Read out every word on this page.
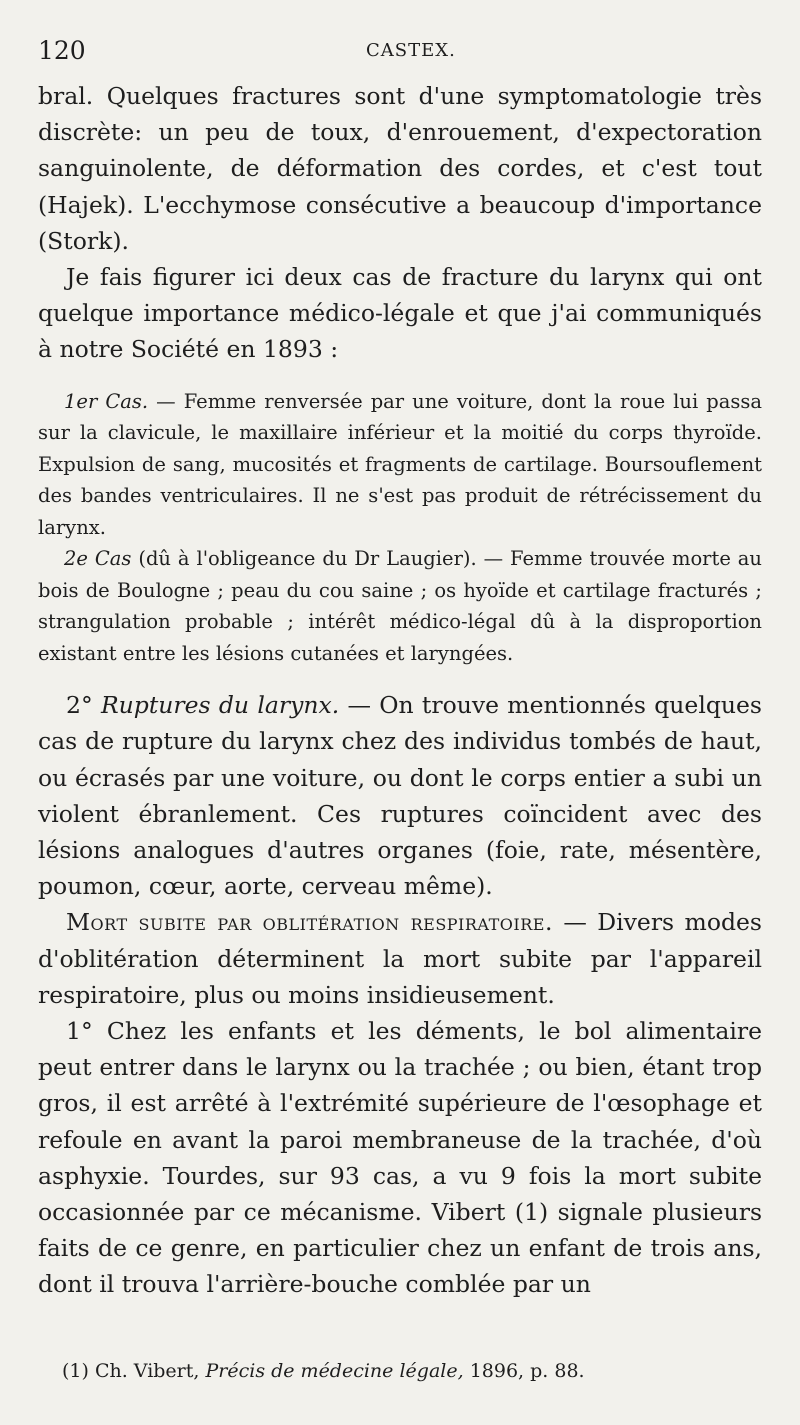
120	CASTEX.

bral. Quelques fractures sont d'une symptomatologie très discrète: un peu de toux, d'enrouement, d'expectoration sanguinolente, de déformation des cordes, et c'est tout (Hajek). L'ecchymose consécutive a beaucoup d'importance (Stork).

Je fais figurer ici deux cas de fracture du larynx qui ont quelque importance médico-légale et que j'ai communiqués à notre Société en 1893 :

1er Cas. — Femme renversée par une voiture, dont la roue lui passa sur la clavicule, le maxillaire inférieur et la moitié du corps thyroïde. Expulsion de sang, mucosités et fragments de cartilage. Boursouflement des bandes ventriculaires. Il ne s'est pas produit de rétrécissement du larynx.

2e Cas (dû à l'obligeance du Dr Laugier). — Femme trouvée morte au bois de Boulogne ; peau du cou saine ; os hyoïde et cartilage fracturés ; strangulation probable ; intérêt médico-légal dû à la disproportion existant entre les lésions cutanées et laryngées.

2° Ruptures du larynx. — On trouve mentionnés quelques cas de rupture du larynx chez des individus tombés de haut, ou écrasés par une voiture, ou dont le corps entier a subi un violent ébranlement. Ces ruptures coïncident avec des lésions analogues d'autres organes (foie, rate, mésentère, poumon, cœur, aorte, cerveau même).

Mort subite par oblitération respiratoire. — Divers modes d'oblitération déterminent la mort subite par l'appareil respiratoire, plus ou moins insidieusement.

1° Chez les enfants et les déments, le bol alimentaire peut entrer dans le larynx ou la trachée ; ou bien, étant trop gros, il est arrêté à l'extrémité supérieure de l'œsophage et refoule en avant la paroi membraneuse de la trachée, d'où asphyxie. Tourdes, sur 93 cas, a vu 9 fois la mort subite occasionnée par ce mécanisme. Vibert (1) signale plusieurs faits de ce genre, en particulier chez un enfant de trois ans, dont il trouva l'arrière-bouche comblée par un

(1) Ch. Vibert, Précis de médecine légale, 1896, p. 88.
